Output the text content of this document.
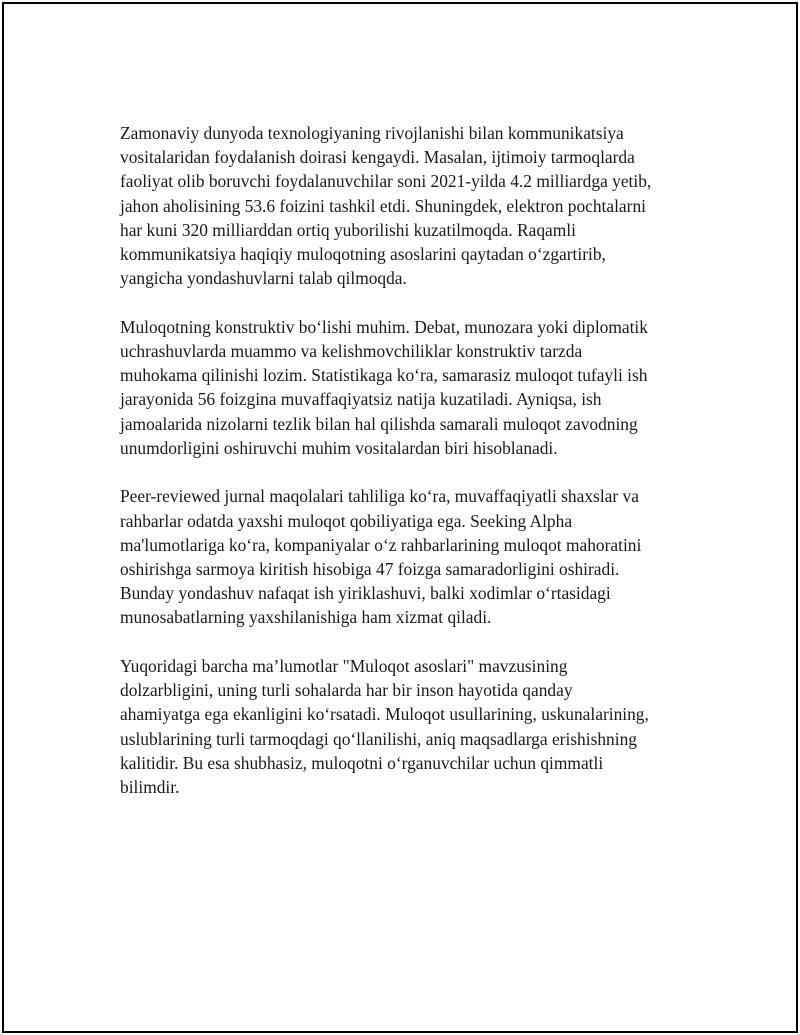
Zamonaviy dunyoda texnologiyaning rivojlanishi bilan kommunikatsiya
vositalaridan foydalanish doirasi kengaydi. Masalan, ijtimoiy tarmoqlarda
faoliyat olib boruvchi foydalanuvchilar soni 2021-yilda 4.2 milliardga yetib,
jahon aholisining 53.6 foizini tashkil etdi. Shuningdek, elektron pochtalarni
har kuni 320 milliarddan ortiq yuborilishi kuzatilmoqda. Raqamli
kommunikatsiya haqiqiy muloqotning asoslarini qaytadan o‘zgartirib,
yangicha yondashuvlarni talab qilmoqda.

Muloqotning konstruktiv bo‘lishi muhim. Debat, munozara yoki diplomatik
uchrashuvlarda muammo va kelishmovchiliklar konstruktiv tarzda
muhokama qilinishi lozim. Statistikaga ko‘ra, samarasiz muloqot tufayli ish
jarayonida 56 foizgina muvaffaqiyatsiz natija kuzatiladi. Ayniqsa, ish
jamoalarida nizolarni tezlik bilan hal qilishda samarali muloqot zavodning
unumdorligini oshiruvchi muhim vositalardan biri hisoblanadi.

Peer-reviewed jurnal maqolalari tahliliga ko‘ra, muvaffaqiyatli shaxslar va
rahbarlar odatda yaxshi muloqot qobiliyatiga ega. Seeking Alpha
ma'lumotlariga ko‘ra, kompaniyalar o‘z rahbarlarining muloqot mahoratini
oshirishga sarmoya kiritish hisobiga 47 foizga samaradorligini oshiradi.
Bunday yondashuv nafaqat ish yiriklashuvi, balki xodimlar o‘rtasidagi
munosabatlarning yaxshilanishiga ham xizmat qiladi.

Yuqoridagi barcha ma’lumotlar "Muloqot asoslari" mavzusining
dolzarbligini, uning turli sohalarda har bir inson hayotida qanday
ahamiyatga ega ekanligini ko‘rsatadi. Muloqot usullarining, uskunalarining,
uslublarining turli tarmoqdagi qo‘llanilishi, aniq maqsadlarga erishishning
kalitidir. Bu esa shubhasiz, muloqotni o‘rganuvchilar uchun qimmatli
bilimdir.
